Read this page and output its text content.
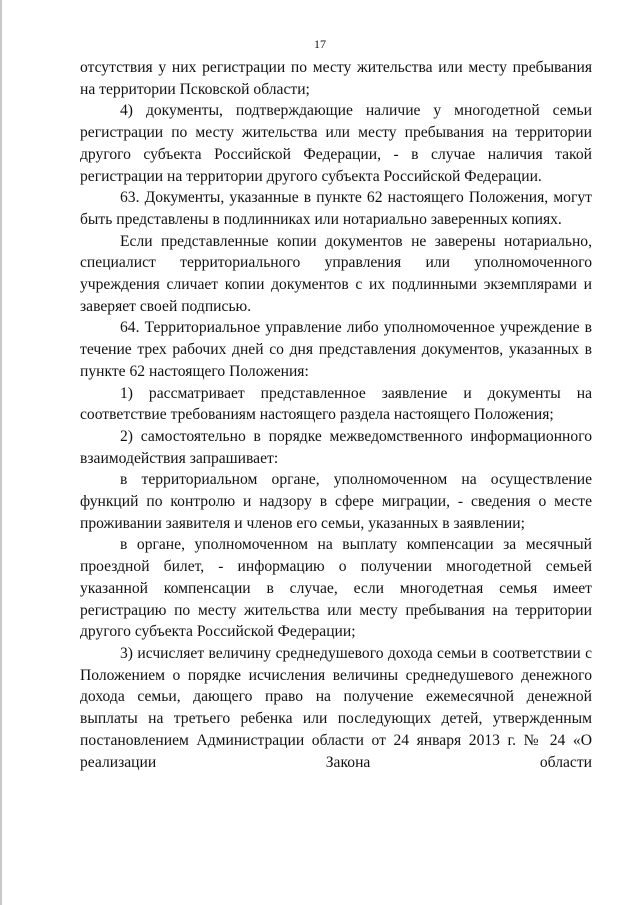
17

отсутствия у них регистрации по месту жительства или месту пребывания на территории Псковской области;

4) документы, подтверждающие наличие у многодетной семьи регистрации по месту жительства или месту пребывания на территории другого субъекта Российской Федерации, - в случае наличия такой регистрации на территории другого субъекта Российской Федерации.

63. Документы, указанные в пункте 62 настоящего Положения, могут быть представлены в подлинниках или нотариально заверенных копиях.

Если представленные копии документов не заверены нотариально, специалист территориального управления или уполномоченного учреждения сличает копии документов с их подлинными экземплярами и заверяет своей подписью.

64. Территориальное управление либо уполномоченное учреждение в течение трех рабочих дней со дня представления документов, указанных в пункте 62 настоящего Положения:

1) рассматривает представленное заявление и документы на соответствие требованиям настоящего раздела настоящего Положения;

2) самостоятельно в порядке межведомственного информационного взаимодействия запрашивает:

в территориальном органе, уполномоченном на осуществление функций по контролю и надзору в сфере миграции, - сведения о месте проживании заявителя и членов его семьи, указанных в заявлении;

в органе, уполномоченном на выплату компенсации за месячный проездной билет, - информацию о получении многодетной семьей указанной компенсации в случае, если многодетная семья имеет регистрацию по месту жительства или месту пребывания на территории другого субъекта Российской Федерации;

3) исчисляет величину среднедушевого дохода семьи в соответствии с Положением о порядке исчисления величины среднедушевого денежного дохода семьи, дающего право на получение ежемесячной денежной выплаты на третьего ребенка или последующих детей, утвержденным постановлением Администрации области от 24 января 2013 г. № 24 «О реализации Закона области
